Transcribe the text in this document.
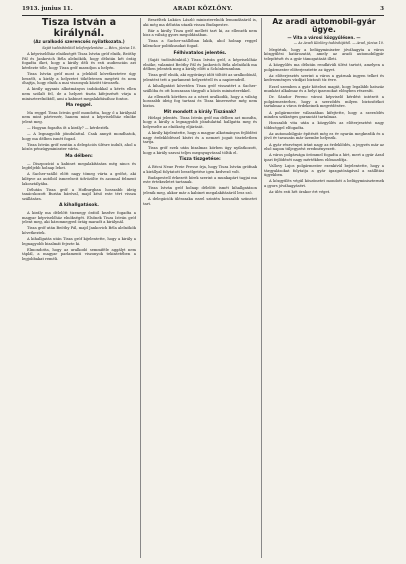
1913. junius 11.	ARADI KÖZLÖNY.	3
Tisza István a királynál.
(Az uralkodó szerencsés nyilatkozata.)
Saját tudósítónktól telefonjelentése — Bécs, június 10.

A képviselőház elnökségét Tisza István gróf elnök, Beöthy Pál és Jankovich Béla alelnökök, hogy délután két óráig fogadta őket, hogy a király déli és esti audiencián azt kérdezte tőle, hogy Tisza gróf maradjon a helyén.

Tisza István gróf most a jelekből következtetve úgy beszélt, a király a helyzetet tökéletesen megérti és nem óhajtja, hogy elnök a mai viszonyok között távozzék.

A király ugyanis alkotmányos indokokkal a kérés ellen nem szólalt fel, de a helyzet tiszta kifejezését várja a miniszterelnöktől, ami a kabinet megalakításához fontos.

Ma reggel.

Ma reggel Tisza István gróf mondotta, hogy ő a királynál nem mint pártvezér, hanem mint a képviselőház elnöke jelent meg.

— Hogyan fogadta őt a király? — kérdezték.

— A legnagyobb jóindulattal. Csak annyit mondhatok, hogy ma délben ismét fogad.

Tisza István gróf ezután a delegációs ülésre indult, ahol a közös pénzügyminiszter várta.

Ma délben:

— Diszpozíció a kabinet megalakítására még nincs és legfeljebb holnap lehet.

A Sacher-szálló előtt nagy tömeg várta a grófot, aki kilépve az autóból ismerőseit üdvözölte és azonnal felment lakosztályába.

Délután Tisza gróf a Hofburgban hosszabb ideig tanácskozott Burián báróval, majd késő este tért vissza szállására.

A kihallgatások.

A király ma délelőtt tizenegy órától kezdve fogadta a magyar képviselőház elnökségét. Elsőnek Tisza István gróf jelent meg, aki háromnegyed óráig maradt a királynál.

Tisza gróf után Beöthy Pál, majd Jankovich Béla alelnökök következtek.

A kihallgatás után Tisza gróf kijelentette, hogy a király a legnagyobb bizalmát fejezte ki.

Elmondotta, hogy az uralkodó semmiféle aggályt nem táplál, a magyar parlamenti viszonyok tekintetében a legjobbakat reméli.

Beszéltek Lukács László miniszterelnök lemondásáról is, aki még ma délután utazik vissza Budapestre.

Bár a király Tisza gróf mellett tart ki, az ellenzék nem hisz a válság gyors megoldásában.

Tisza a Sacher-szállóban lakik, ahol holnap reggel kilenckor politikusokat fogad.

Félhivatalos jelentés.

(Saját tudósítónktól.) Tisza István gróf, a képviselőház elnöke, valamint Beöthy Pál és Jankovich Béla alelnökök ma délben jelentek meg a király előtt a Schönbrunnban.

Tisza gróf elnök, aki egyórányi időt töltött az uralkodónál, jelentést tett a parlament helyzetéről és a napirendről.

A kihallgatást követően Tisza gróf visszatért a Sacher-szállóba és ott hosszasan tárgyalt a közös miniszterekkel.

Az ellenzék körében az a nézet uralkodik, hogy a válság hosszabb ideig fog tartani és Tisza kinevezése még nem biztos.

Mit mondott a király Tiszának?

Hírlapi jelentés. Tisza István gróf ma délben azt mondta, hogy a király a legnagyobb jóindulattal hallgatta meg és helyeselte az elnökség eljárását.

A király kijelentette, hogy a magyar alkotmányos fejlődést nagy érdeklődéssel kíséri és a nemzet jogait tiszteletben tartja.

Tisza gróf ezek után bizalmas körben úgy nyilatkozott, hogy a király szavai teljes megnyugvással töltik el.

Tisza tiszgetése:

A Bécsi Neue Freie Presse írja, hogy Tisza István grófnak a királlyal folytatott beszélgetése igen kedvező volt.

Budapestről érkezett hírek szerint a munkapárt tagjai ma este értekezletet tartanak.

Tisza István gróf holnap délelőtt ismét kihallgatáson jelenik meg, akkor már a kabinet megalakításáról lesz szó.

A delegációk ülésszaka ezzel szintén hosszabb szünetet tart.

Az aradi automobil-gyár ügye.
— Vita a városi közgyűlésen. —
— Az Aradi Közlöny tudósítójától. — Arad, június 10.

Megírtuk, hogy a belügyminiszter jóváhagyta a város közgyűlési határozatát, amely az aradi automobilgyár telepítését és a gyár támogatását illeti.

A közgyűlés ma délután rendkívüli ülést tartott, amelyen a polgármester előterjesztette az ügyet.

Az előterjesztés szerint a város a gyárnak ingyen telket és kedvezményes vízdíjat biztosít tíz évre.

Ezzel szemben a gyár kötelezi magát, hogy legalább hatszáz munkást alkalmaz és a helyi iparosokat előnyben részesíti.

Dr. Sándor Ferenc városi képviselő kérdést intézett a polgármesterhez, hogy a szerződés milyen biztosítékot tartalmaz a város érdekeinek megvédésére.

A polgármester válaszában kifejtette, hogy a szerződés minden szükséges garanciát tartalmaz.

Hosszabb vita után a közgyűlés az előterjesztést nagy többséggel elfogadta.

Az automobilgyár építését még ez év nyarán megkezdik és a jövő év tavaszán már üzembe helyezik.

A gyár részvényei iránt nagy az érdeklődés, a jegyzés már az első napon túljegyzést eredményezett.

A város polgársága örömmel fogadta a hírt, mert a gyár Arad ipari fejlődését nagy mértékben előmozdítja.

Vallovy Lajos polgármester ezenkívül bejelentette, hogy a tárgyalásokat folytatja a gyár igazgatóságával a szállítási ügyekben.

A közgyűlés végül köszönetet mondott a belügyminiszternek a gyors jóváhagyásért.

Az ülés esti hét órakor ért véget.
